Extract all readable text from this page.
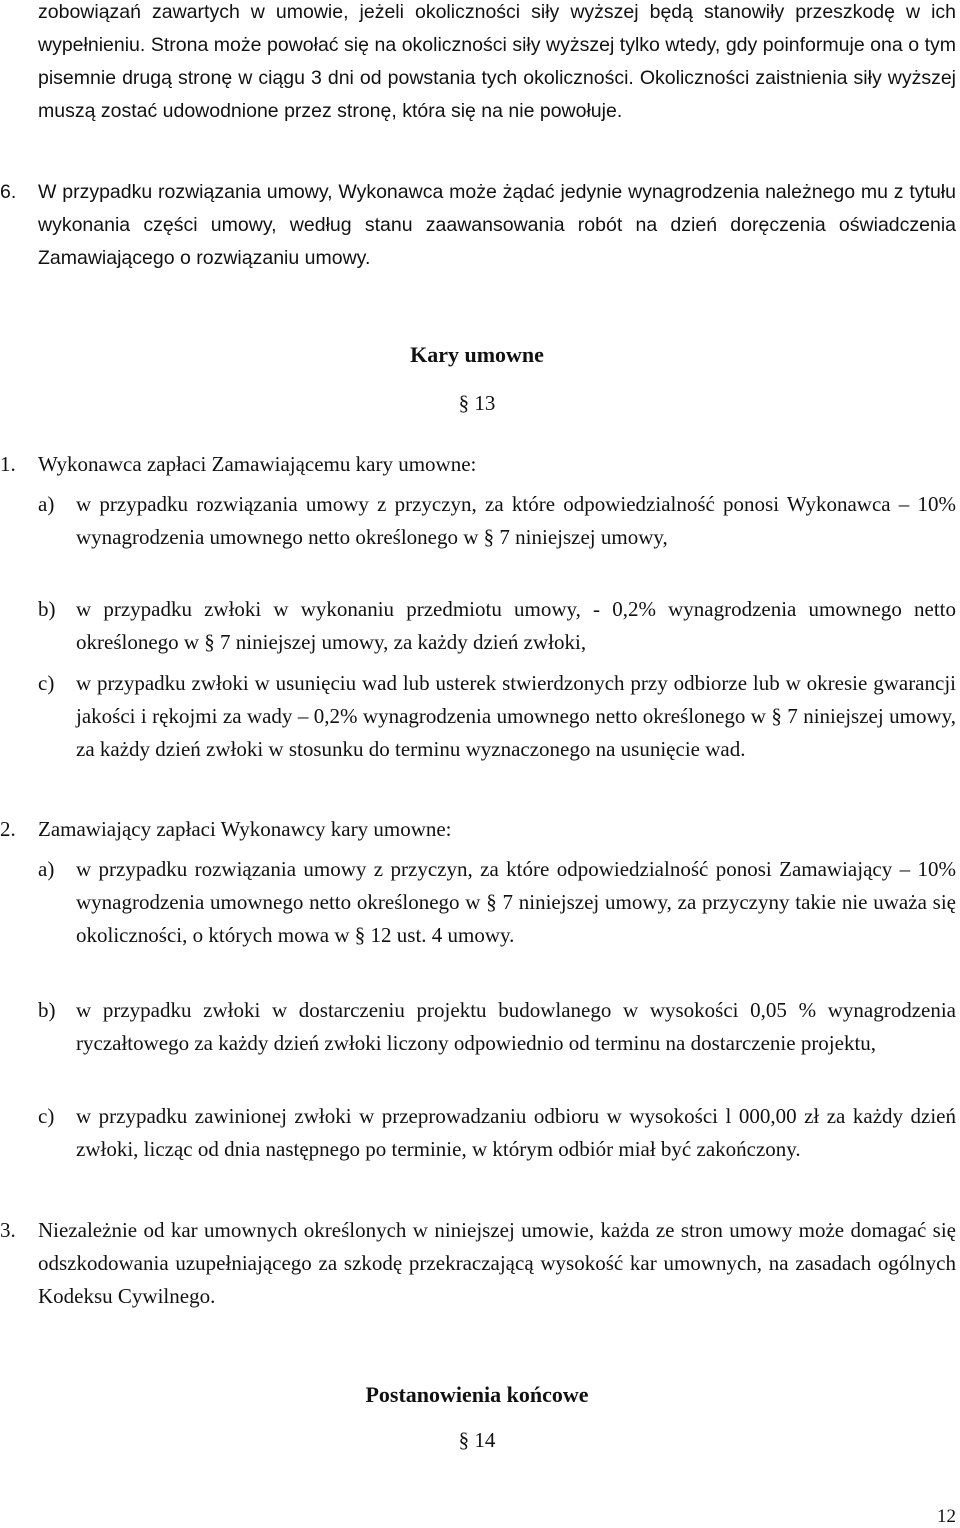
zobowiązań zawartych w umowie, jeżeli okoliczności siły wyższej będą stanowiły przeszkodę w ich wypełnieniu. Strona może powołać się na okoliczności siły wyższej tylko wtedy, gdy poinformuje ona o tym pisemnie drugą stronę w ciągu 3 dni od powstania tych okoliczności. Okoliczności zaistnienia siły wyższej muszą zostać udowodnione przez stronę, która się na nie powołuje.

6. W przypadku rozwiązania umowy, Wykonawca może żądać jedynie wynagrodzenia należnego mu z tytułu wykonania części umowy, według stanu zaawansowania robót na dzień doręczenia oświadczenia Zamawiającego o rozwiązaniu umowy.

Kary umowne

§ 13

1. Wykonawca zapłaci Zamawiającemu kary umowne:
a) w przypadku rozwiązania umowy z przyczyn, za które odpowiedzialność ponosi Wykonawca – 10% wynagrodzenia umownego netto określonego w § 7 niniejszej umowy,
b) w przypadku zwłoki w wykonaniu przedmiotu umowy, - 0,2% wynagrodzenia umownego netto określonego w § 7 niniejszej umowy, za każdy dzień zwłoki,
c) w przypadku zwłoki w usunięciu wad lub usterek stwierdzonych przy odbiorze lub w okresie gwarancji jakości i rękojmi za wady – 0,2% wynagrodzenia umownego netto określonego w § 7 niniejszej umowy, za każdy dzień zwłoki w stosunku do terminu wyznaczonego na usunięcie wad.
2. Zamawiający zapłaci Wykonawcy kary umowne:
a) w przypadku rozwiązania umowy z przyczyn, za które odpowiedzialność ponosi Zamawiający – 10% wynagrodzenia umownego netto określonego w § 7 niniejszej umowy, za przyczyny takie nie uważa się okoliczności, o których mowa w § 12 ust. 4 umowy.
b) w przypadku zwłoki w dostarczeniu projektu budowlanego w wysokości 0,05 % wynagrodzenia ryczałtowego za każdy dzień zwłoki liczony odpowiednio od terminu na dostarczenie projektu,
c) w przypadku zawinionej zwłoki w przeprowadzaniu odbioru w wysokości l 000,00 zł za każdy dzień zwłoki, licząc od dnia następnego po terminie, w którym odbiór miał być zakończony.
3. Niezależnie od kar umownych określonych w niniejszej umowie, każda ze stron umowy może domagać się odszkodowania uzupełniającego za szkodę przekraczającą wysokość kar umownych, na zasadach ogólnych Kodeksu Cywilnego.

Postanowienia końcowe

§ 14

12
